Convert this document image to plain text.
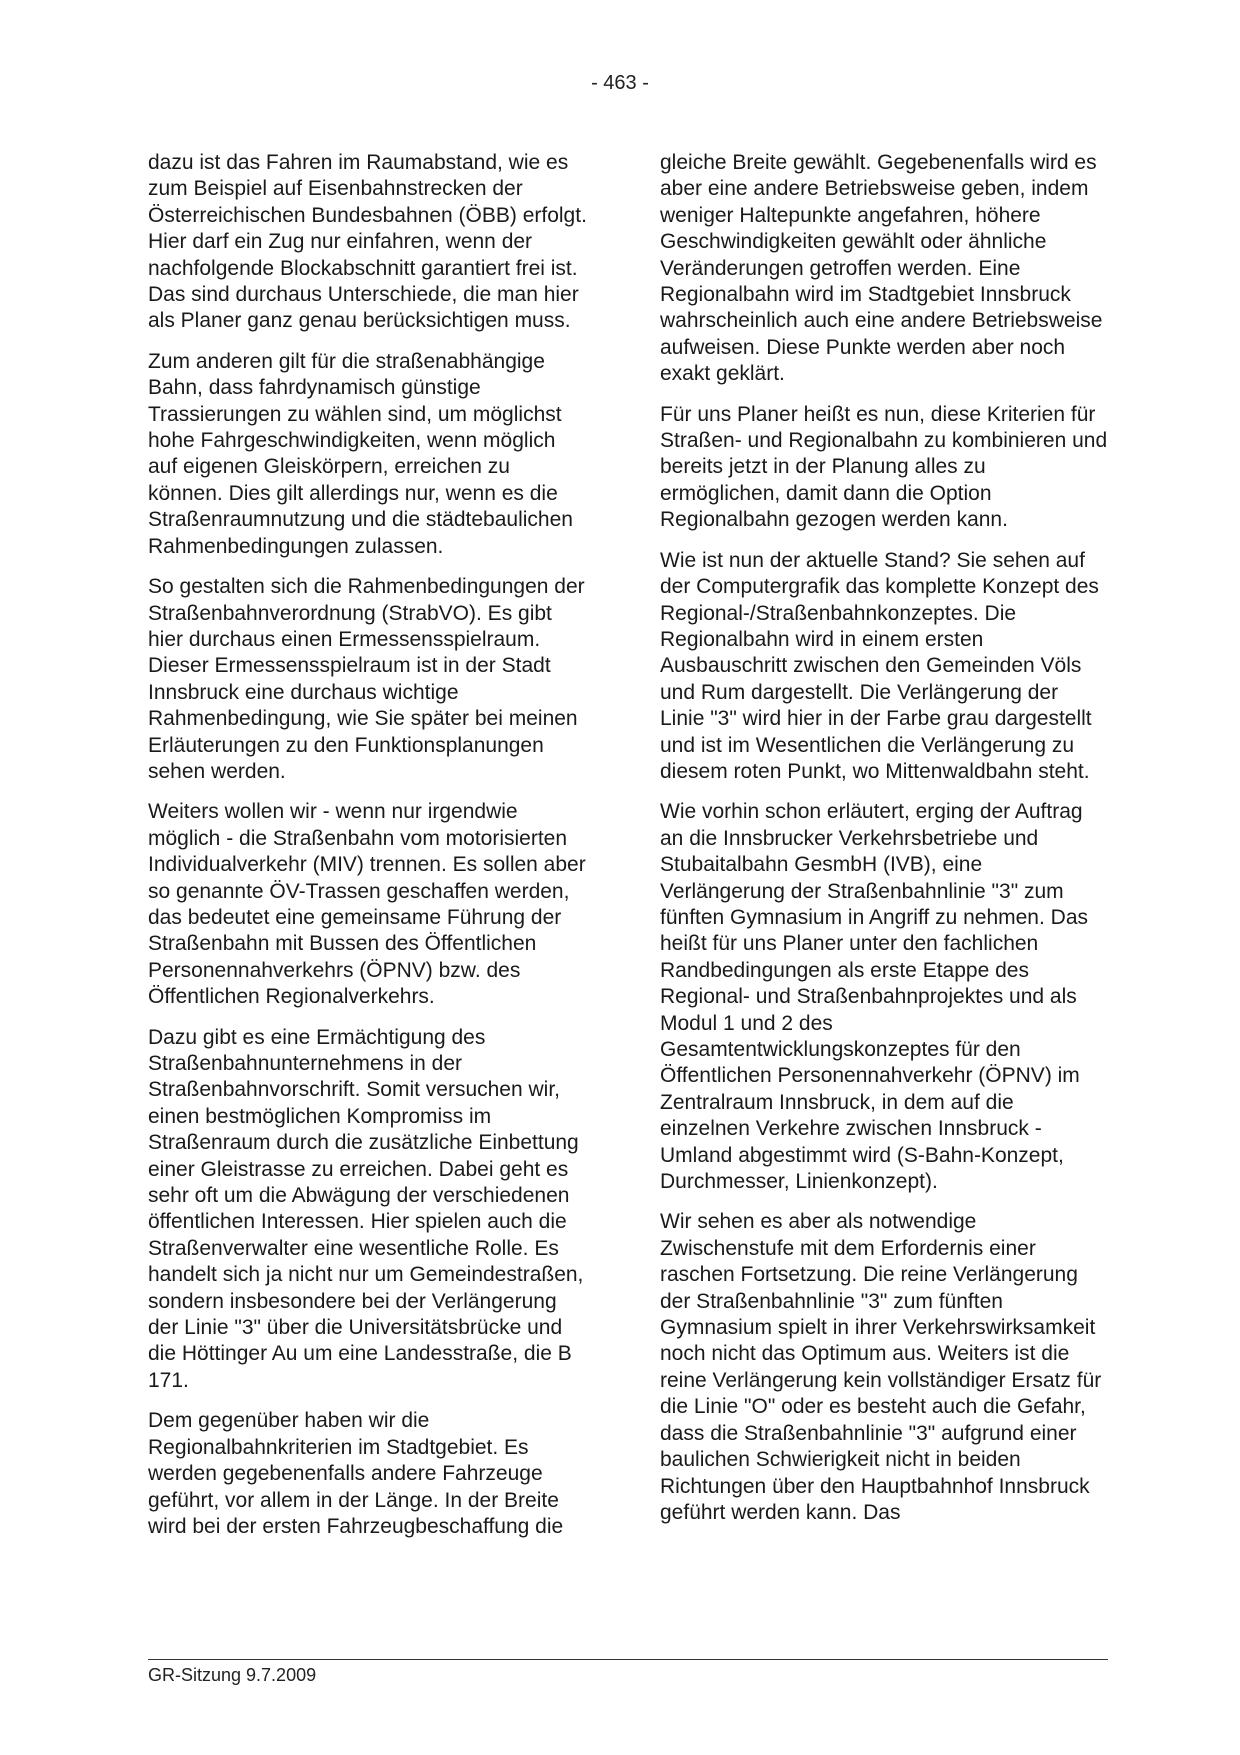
- 463 -

dazu ist das Fahren im Raumabstand, wie es zum Beispiel auf Eisenbahnstrecken der Österreichischen Bundesbahnen (ÖBB) erfolgt. Hier darf ein Zug nur einfahren, wenn der nachfolgende Blockabschnitt garantiert frei ist. Das sind durchaus Unterschiede, die man hier als Planer ganz genau berücksichtigen muss.

Zum anderen gilt für die straßenabhängige Bahn, dass fahrdynamisch günstige Trassierungen zu wählen sind, um möglichst hohe Fahrgeschwindigkeiten, wenn möglich auf eigenen Gleiskörpern, erreichen zu können. Dies gilt allerdings nur, wenn es die Straßenraumnutzung und die städtebaulichen Rahmenbedingungen zulassen.

So gestalten sich die Rahmenbedingungen der Straßenbahnverordnung (StrabVO). Es gibt hier durchaus einen Ermessensspielraum. Dieser Ermessensspielraum ist in der Stadt Innsbruck eine durchaus wichtige Rahmenbedingung, wie Sie später bei meinen Erläuterungen zu den Funktionsplanungen sehen werden.

Weiters wollen wir - wenn nur irgendwie möglich - die Straßenbahn vom motorisierten Individualverkehr (MIV) trennen. Es sollen aber so genannte ÖV-Trassen geschaffen werden, das bedeutet eine gemeinsame Führung der Straßenbahn mit Bussen des Öffentlichen Personennahverkehrs (ÖPNV) bzw. des Öffentlichen Regionalverkehrs.

Dazu gibt es eine Ermächtigung des Straßenbahnunternehmens in der Straßenbahnvorschrift. Somit versuchen wir, einen bestmöglichen Kompromiss im Straßenraum durch die zusätzliche Einbettung einer Gleistrasse zu erreichen. Dabei geht es sehr oft um die Abwägung der verschiedenen öffentlichen Interessen. Hier spielen auch die Straßenverwalter eine wesentliche Rolle. Es handelt sich ja nicht nur um Gemeindestraßen, sondern insbesondere bei der Verlängerung der Linie "3" über die Universitätsbrücke und die Höttinger Au um eine Landesstraße, die B 171.

Dem gegenüber haben wir die Regionalbahnkriterien im Stadtgebiet. Es werden gegebenenfalls andere Fahrzeuge geführt, vor allem in der Länge. In der Breite wird bei der ersten Fahrzeugbeschaffung die

gleiche Breite gewählt. Gegebenenfalls wird es aber eine andere Betriebsweise geben, indem weniger Haltepunkte angefahren, höhere Geschwindigkeiten gewählt oder ähnliche Veränderungen getroffen werden. Eine Regionalbahn wird im Stadtgebiet Innsbruck wahrscheinlich auch eine andere Betriebsweise aufweisen. Diese Punkte werden aber noch exakt geklärt.

Für uns Planer heißt es nun, diese Kriterien für Straßen- und Regionalbahn zu kombinieren und bereits jetzt in der Planung alles zu ermöglichen, damit dann die Option Regionalbahn gezogen werden kann.

Wie ist nun der aktuelle Stand? Sie sehen auf der Computergrafik das komplette Konzept des Regional-/Straßenbahnkonzeptes. Die Regionalbahn wird in einem ersten Ausbauschritt zwischen den Gemeinden Völs und Rum dargestellt. Die Verlängerung der Linie "3" wird hier in der Farbe grau dargestellt und ist im Wesentlichen die Verlängerung zu diesem roten Punkt, wo Mittenwaldbahn steht.

Wie vorhin schon erläutert, erging der Auftrag an die Innsbrucker Verkehrsbetriebe und Stubaitalbahn GesmbH (IVB), eine Verlängerung der Straßenbahnlinie "3" zum fünften Gymnasium in Angriff zu nehmen. Das heißt für uns Planer unter den fachlichen Randbedingungen als erste Etappe des Regional- und Straßenbahnprojektes und als Modul 1 und 2 des Gesamtentwicklungskonzeptes für den Öffentlichen Personennahverkehr (ÖPNV) im Zentralraum Innsbruck, in dem auf die einzelnen Verkehre zwischen Innsbruck - Umland abgestimmt wird (S-Bahn-Konzept, Durchmesser, Linienkonzept).

Wir sehen es aber als notwendige Zwischenstufe mit dem Erfordernis einer raschen Fortsetzung. Die reine Verlängerung der Straßenbahnlinie "3" zum fünften Gymnasium spielt in ihrer Verkehrswirksamkeit noch nicht das Optimum aus. Weiters ist die reine Verlängerung kein vollständiger Ersatz für die Linie "O" oder es besteht auch die Gefahr, dass die Straßenbahnlinie "3" aufgrund einer baulichen Schwierigkeit nicht in beiden Richtungen über den Hauptbahnhof Innsbruck geführt werden kann. Das

GR-Sitzung 9.7.2009
